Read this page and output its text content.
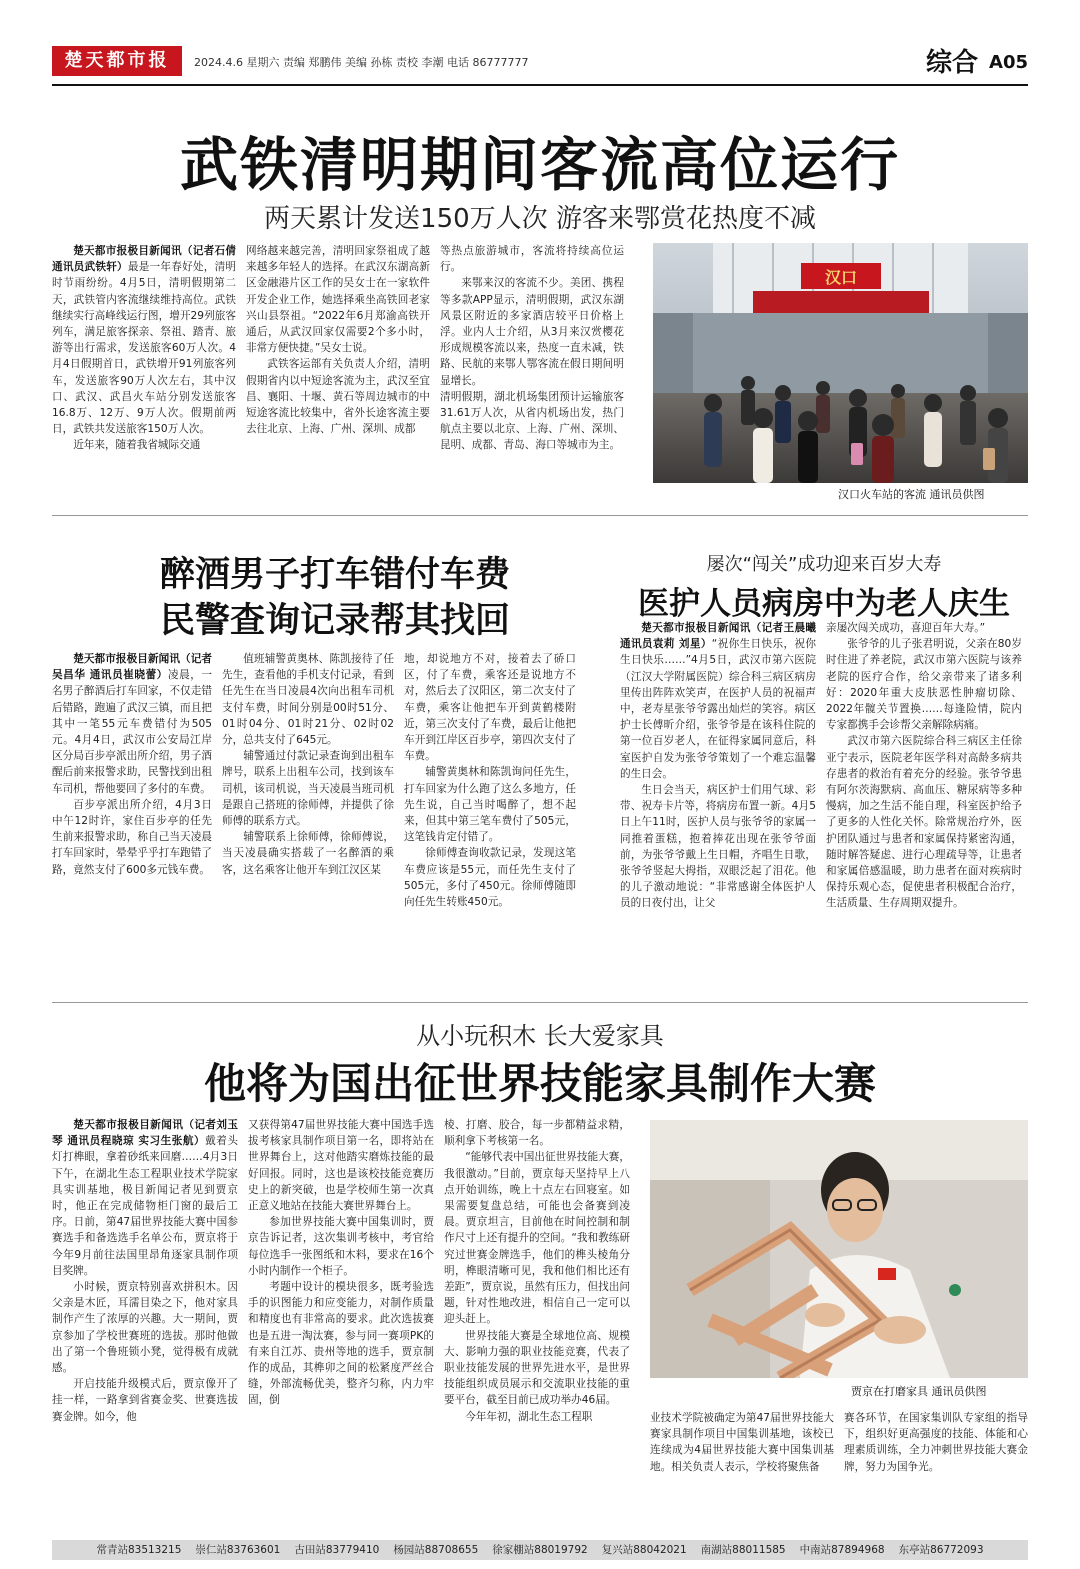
楚天都市报	2024.4.6 星期六 责编 郑鹏伟 美编 孙栋 责校 李潮 电话 86777777	综合 A05
武铁清明期间客流高位运行
两天累计发送150万人次 游客来鄂赏花热度不减

楚天都市报极目新闻讯（记者石倩 通讯员武铁轩）最是一年春好处，清明时节雨纷纷。4月5日，清明假期第二天，武铁管内客流继续维持高位。武铁继续实行高峰线运行图，增开29列旅客列车，满足旅客探亲、祭祖、踏青、旅游等出行需求，发送旅客60万人次。4月4日假期首日，武铁增开91列旅客列车，发送旅客90万人次左右，其中汉口、武汉、武昌火车站分别发送旅客16.8万、12万、9万人次。假期前两日，武铁共发送旅客150万人次。

近年来，随着我省城际交通

网络越来越完善，清明回家祭祖成了越来越多年轻人的选择。在武汉东湖高新区金融港片区工作的吴女士在一家软件开发企业工作，她选择乘坐高铁回老家兴山县祭祖。“2022年6月郑渝高铁开通后，从武汉回家仅需要2个多小时，非常方便快捷。”吴女士说。

武铁客运部有关负责人介绍，清明假期省内以中短途客流为主，武汉至宜昌、襄阳、十堰、黄石等周边城市的中短途客流比较集中，省外长途客流主要去往北京、上海、广州、深圳、成都

等热点旅游城市，客流将持续高位运行。

来鄂来汉的客流不少。美团、携程等多款APP显示，清明假期，武汉东湖风景区附近的多家酒店较平日价格上浮。业内人士介绍，从3月来汉赏樱花形成规模客流以来，热度一直未减，铁路、民航的来鄂人鄂客流在假日期间明显增长。

清明假期，湖北机场集团预计运输旅客31.61万人次，从省内机场出发，热门航点主要以北京、上海、广州、深圳、昆明、成都、青岛、海口等城市为主。

汉口
汉口火车站的客流 通讯员供图
醉酒男子打车错付车费
民警查询记录帮其找回

楚天都市报极目新闻讯（记者吴昌华 通讯员崔晓蕾）凌晨，一名男子醉酒后打车回家，不仅走错后错路，跑遍了武汉三镇，而且把其中一笔55元车费错付为505元。4月4日，武汉市公安局江岸区分局百步亭派出所介绍，男子酒醒后前来报警求助，民警找到出租车司机，帮他要回了多付的车费。

百步亭派出所介绍，4月3日中午12时许，家住百步亭的任先生前来报警求助，称自己当天凌晨打车回家时，晕晕乎乎打车跑错了路，竟然支付了600多元钱车费。

值班辅警黄奥林、陈凯接待了任先生，查看他的手机支付记录，看到任先生在当日凌晨4次向出租车司机支付车费，时间分别是00时51分、01时04分、01时21分、02时02分，总共支付了645元。

辅警通过付款记录查询到出租车牌号，联系上出租车公司，找到该车司机，该司机说，当天凌晨当班司机是跟自己搭班的徐师傅，并提供了徐师傅的联系方式。

辅警联系上徐师傅，徐师傅说，当天凌晨确实搭载了一名醉酒的乘客，这名乘客让他开车到江汉区某

地，却说地方不对，接着去了硚口区，付了车费，乘客还是说地方不对，然后去了汉阳区，第二次支付了车费，乘客让他把车开到黄鹤楼附近，第三次支付了车费，最后让他把车开到江岸区百步亭，第四次支付了车费。

辅警黄奥林和陈凯询问任先生，打车回家为什么跑了这么多地方，任先生说，自己当时喝醉了，想不起来，但其中第三笔车费付了505元，这笔钱肯定付错了。

徐师傅查询收款记录，发现这笔车费应该是55元，而任先生支付了505元，多付了450元。徐师傅随即向任先生转账450元。

屡次“闯关”成功迎来百岁大寿
医护人员病房中为老人庆生

楚天都市报极目新闻讯（记者王晨曦 通讯员袁莉 刘星）“祝你生日快乐，祝你生日快乐……”4月5日，武汉市第六医院（江汉大学附属医院）综合科三病区病房里传出阵阵欢笑声，在医护人员的祝福声中，老寿星张爷爷露出灿烂的笑容。病区护士长傅昕介绍，张爷爷是在该科住院的第一位百岁老人，在征得家属同意后，科室医护自发为张爷爷策划了一个难忘温馨的生日会。

生日会当天，病区护士们用气球、彩带、祝寿卡片等，将病房布置一新。4月5日上午11时，医护人员与张爷爷的家属一同推着蛋糕，抱着捧花出现在张爷爷面前，为张爷爷戴上生日帽，齐唱生日歌，张爷爷竖起大拇指，双眼泛起了泪花。他的儿子激动地说：“非常感谢全体医护人员的日夜付出，让父

亲屡次闯关成功，喜迎百年大寿。”

张爷爷的儿子张君明说，父亲在80岁时住进了养老院，武汉市第六医院与该养老院的医疗合作，给父亲带来了诸多利好：2020年重大皮肤恶性肿瘤切除、2022年髋关节置换……每逢险情，院内专家都携手会诊帮父亲解除病痛。

武汉市第六医院综合科三病区主任徐亚宁表示，医院老年医学科对高龄多病共存患者的救治有着充分的经验。张爷爷患有阿尔茨海默病、高血压、糖尿病等多种慢病，加之生活不能自理，科室医护给予了更多的人性化关怀。除常规治疗外，医护团队通过与患者和家属保持紧密沟通，随时解答疑虑、进行心理疏导等，让患者和家属倍感温暖，助力患者在面对疾病时保持乐观心态，促使患者积极配合治疗，生活质量、生存周期双提升。

从小玩积木 长大爱家具
他将为国出征世界技能家具制作大赛

楚天都市报极目新闻讯（记者刘玉琴 通讯员程晓琼 实习生张航）戴着头灯打榫眼，拿着砂纸来回磨……4月3日下午，在湖北生态工程职业技术学院家具实训基地，极目新闻记者见到贾京时，他正在完成储物柜门窗的最后工序。日前，第47届世界技能大赛中国参赛选手和备选选手名单公布，贾京将于今年9月前往法国里昂角逐家具制作项目奖牌。

小时候，贾京特别喜欢拼积木。因父亲是木匠，耳濡目染之下，他对家具制作产生了浓厚的兴趣。大一期间，贾京参加了学校世赛班的选拔。那时他做出了第一个鲁班锁小凳，觉得极有成就感。

开启技能升级模式后，贾京像开了挂一样，一路拿到省赛金奖、世赛选拔赛金牌。如今，他

又获得第47届世界技能大赛中国选手选拔考核家具制作项目第一名，即将站在世界舞台上，这对他踏实磨炼技能的最好回报。同时，这也是该校技能竞赛历史上的新突破，也是学校师生第一次真正意义地站在技能大赛世界舞台上。

参加世界技能大赛中国集训时，贾京告诉记者，这次集训考核中，考官给每位选手一张图纸和木料，要求在16个小时内制作一个柜子。

考题中设计的模块很多，既考验选手的识图能力和应变能力，对制作质量和精度也有非常高的要求。此次选拔赛也是五进一淘汰赛，参与同一赛项PK的有来自江苏、贵州等地的选手，贾京制作的成品，其榫卯之间的松紧度严丝合缝，外部流畅优美，整齐匀称，内力牢固，倒

棱、打磨、胶合，每一步都精益求精，顺利拿下考核第一名。

“能够代表中国出征世界技能大赛，我很激动。”目前，贾京每天坚持早上八点开始训练，晚上十点左右回寝室。如果需要复盘总结，可能也会备赛到凌晨。贾京坦言，目前他在时间控制和制作尺寸上还有提升的空间。“我和教练研究过世赛金牌选手，他们的榫头棱角分明，榫眼清晰可见，我和他们相比还有差距”，贾京说，虽然有压力，但找出问题，针对性地改进，相信自己一定可以迎头赶上。

世界技能大赛是全球地位高、规模大、影响力强的职业技能竞赛，代表了职业技能发展的世界先进水平，是世界技能组织成员展示和交流职业技能的重要平台，截至目前已成功举办46届。

今年年初，湖北生态工程职

贾京在打磨家具 通讯员供图

业技术学院被确定为第47届世界技能大赛家具制作项目中国集训基地，该校已连续成为4届世界技能大赛中国集训基地。相关负责人表示，学校将聚焦备

赛各环节，在国家集训队专家组的指导下，组织好更高强度的技能、体能和心理素质训练，全力冲刺世界技能大赛金牌，努力为国争光。

常青站83513215 崇仁站83763601 古田站83779410 杨园站88708655 徐家棚站88019792 复兴站88042021 南湖站88011585 中南站87894968 东亭站86772093
